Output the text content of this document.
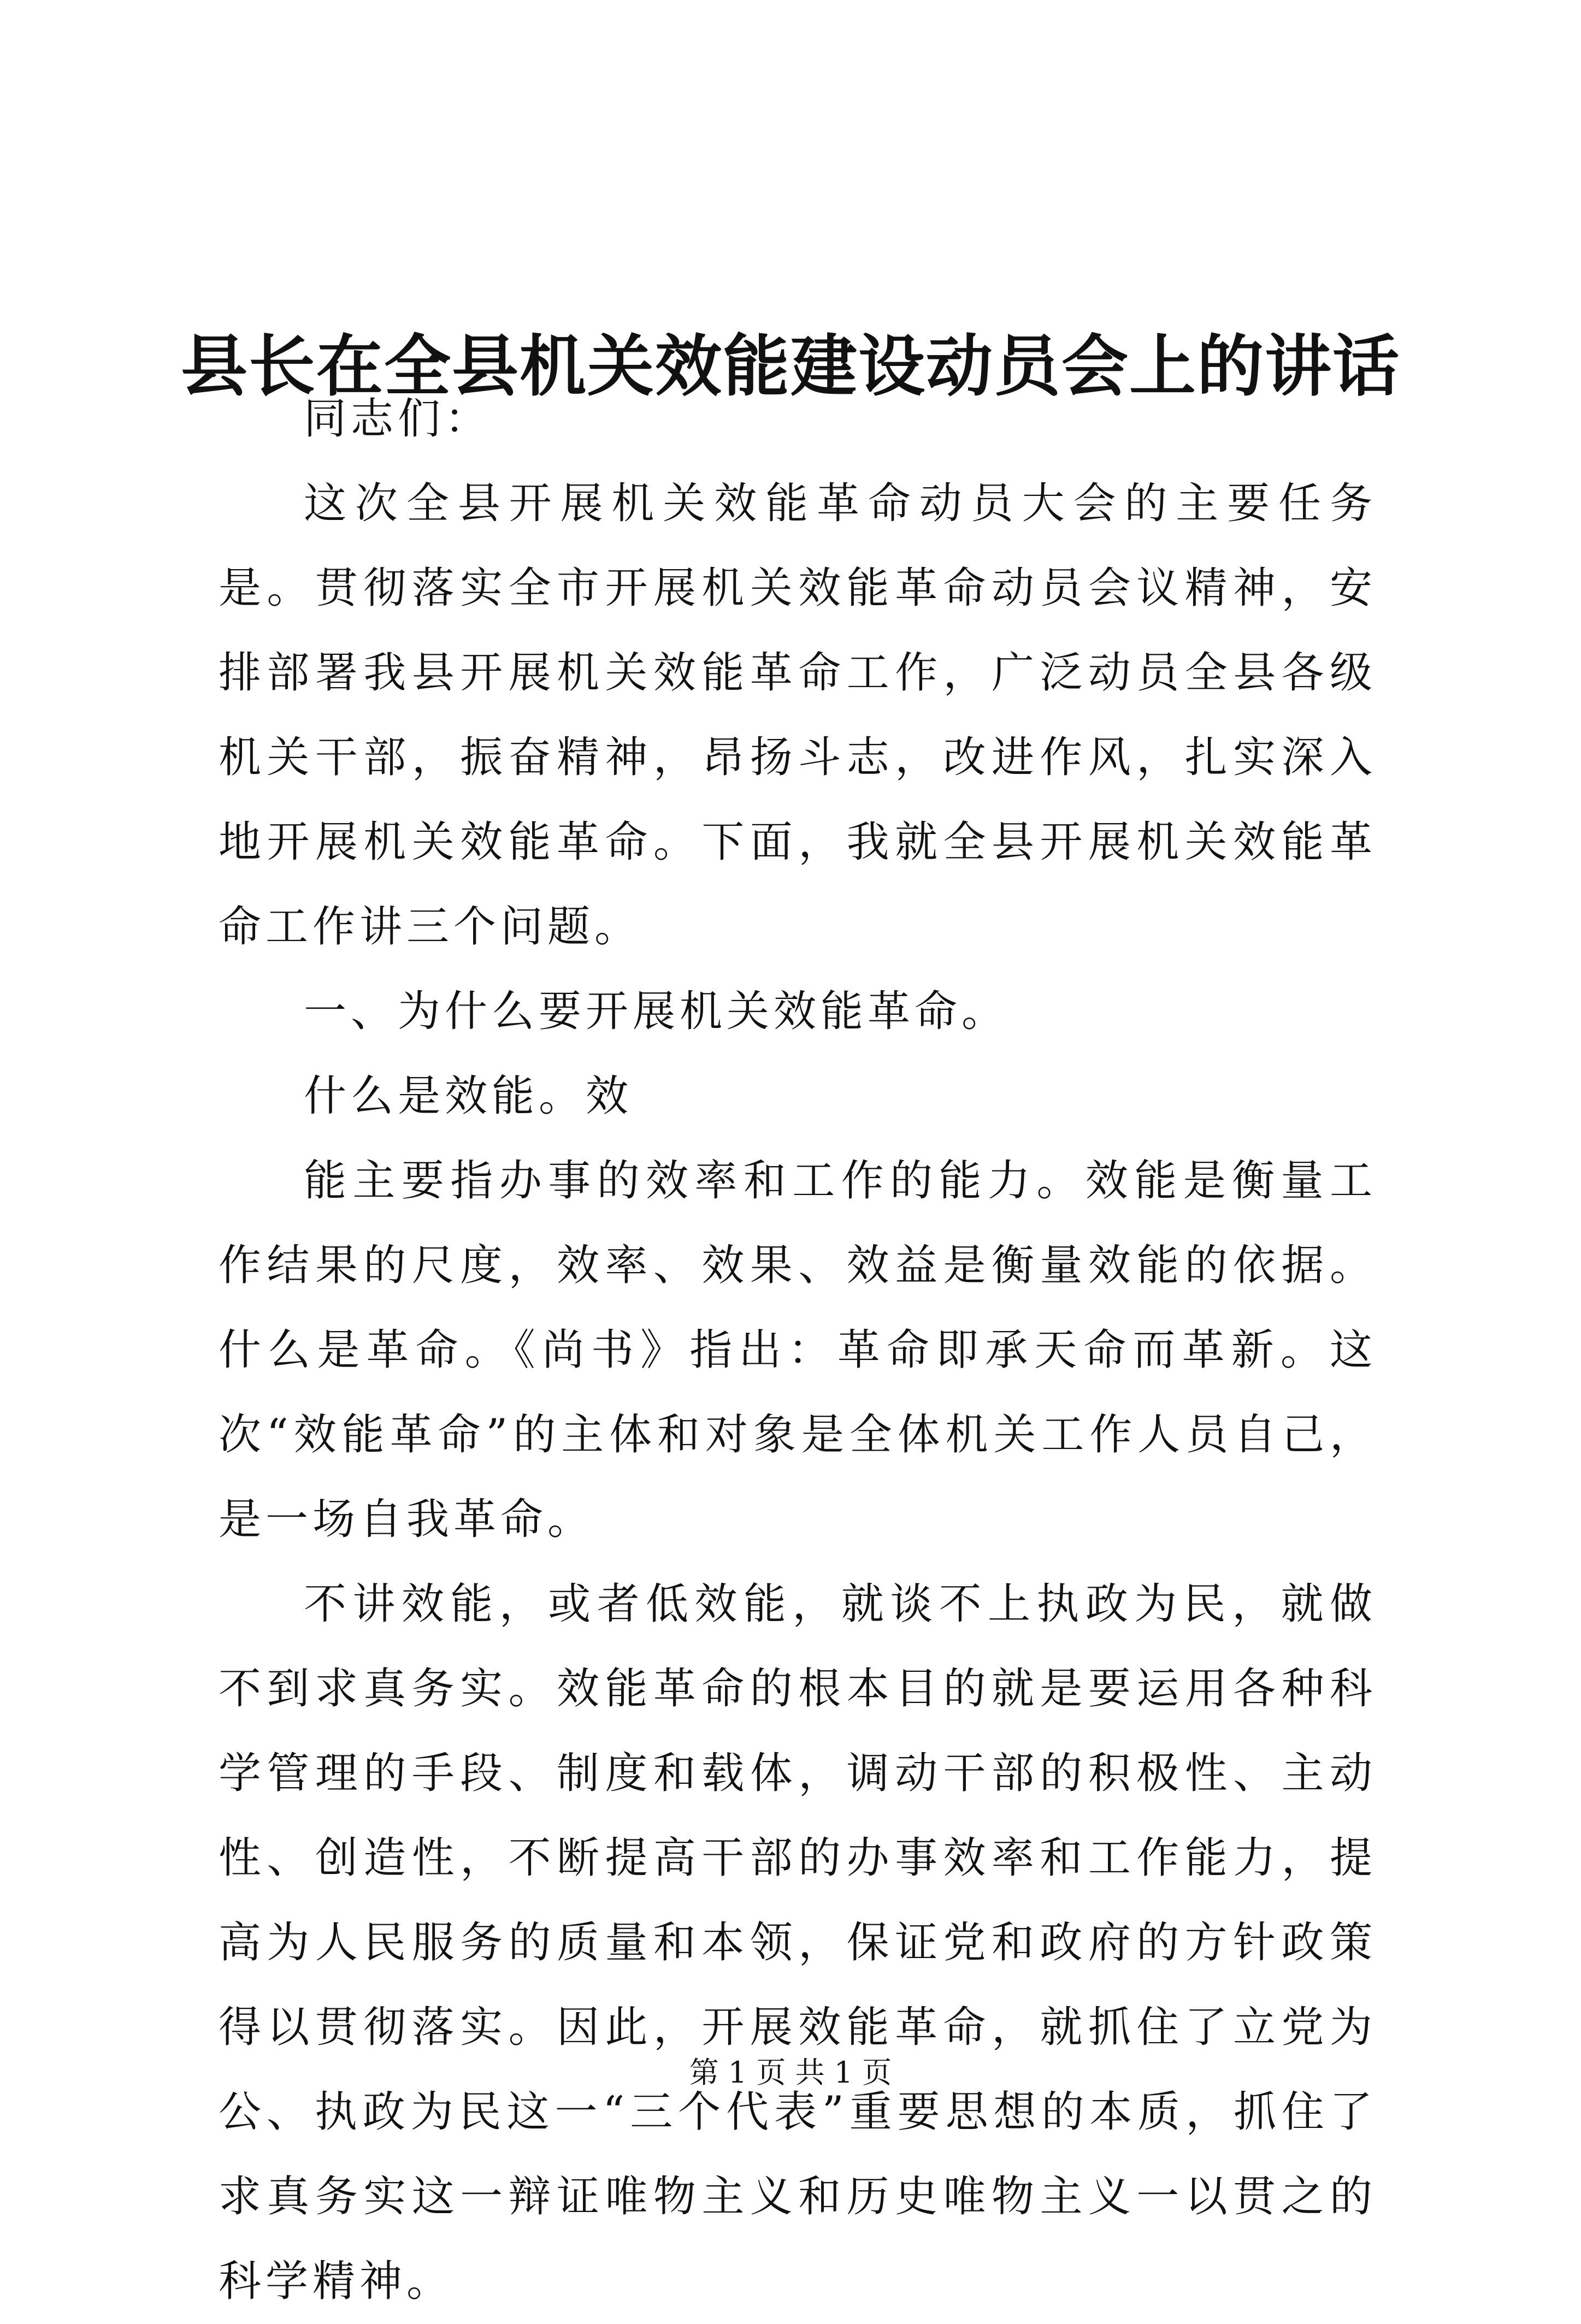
县长在全县机关效能建设动员会上的讲话

同志们：

这次全县开展机关效能革命动员大会的主要任务是。贯彻落实全市开展机关效能革命动员会议精神，安排部署我县开展机关效能革命工作，广泛动员全县各级机关干部，振奋精神，昂扬斗志，改进作风，扎实深入地开展机关效能革命。下面，我就全县开展机关效能革命工作讲三个问题。

一、为什么要开展机关效能革命。

什么是效能。效

能主要指办事的效率和工作的能力。效能是衡量工作结果的尺度，效率、效果、效益是衡量效能的依据。什么是革命。《尚书》指出：革命即承天命而革新。这次“效能革命”的主体和对象是全体机关工作人员自己，是一场自我革命。

不讲效能，或者低效能，就谈不上执政为民，就做不到求真务实。效能革命的根本目的就是要运用各种科学管理的手段、制度和载体，调动干部的积极性、主动性、创造性，不断提高干部的办事效率和工作能力，提高为人民服务的质量和本领，保证党和政府的方针政策得以贯彻落实。因此，开展效能革命，就抓住了立党为公、执政为民这一“三个代表”重要思想的本质，抓住了求真务实这一辩证唯物主义和历史唯物主义一以贯之的科学精神。

第 1 页 共 1 页
